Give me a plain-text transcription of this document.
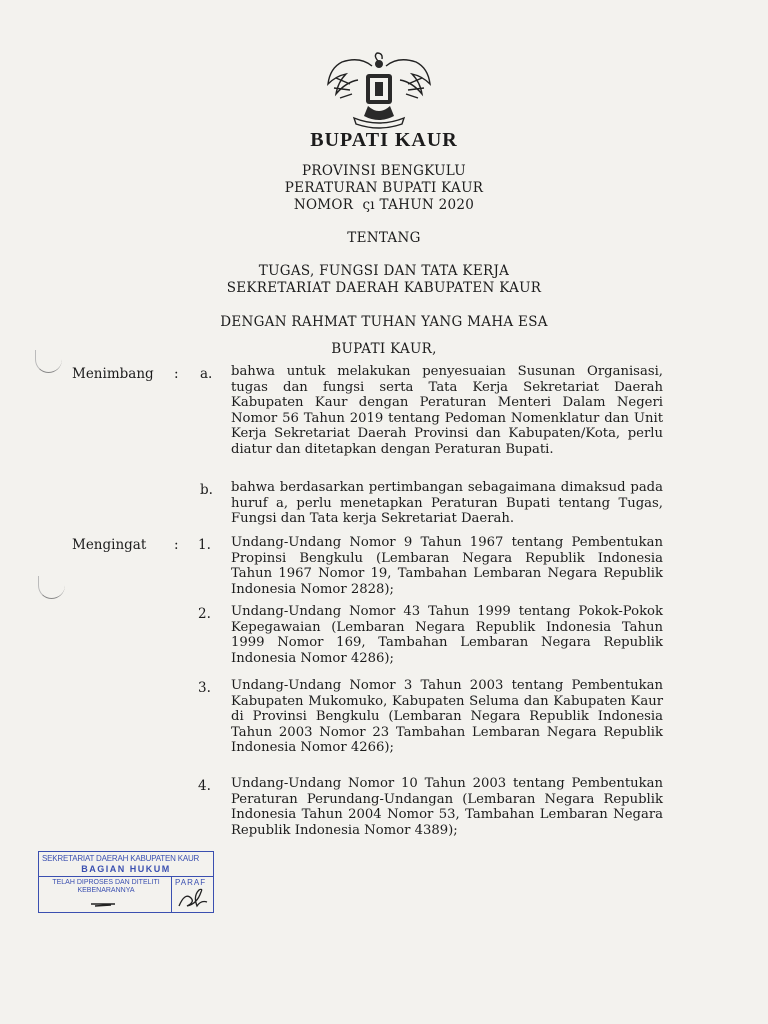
BUPATI KAUR
PROVINSI BENGKULU
PERATURAN BUPATI KAUR
NOMOR  ςı TAHUN 2020
TENTANG
TUGAS, FUNGSI DAN TATA KERJA
SEKRETARIAT DAERAH KABUPATEN KAUR
DENGAN RAHMAT TUHAN YANG MAHA ESA
BUPATI KAUR,
Menimbang : a. bahwa untuk melakukan penyesuaian Susunan Organisasi, tugas dan fungsi serta Tata Kerja Sekretariat Daerah Kabupaten Kaur dengan Peraturan Menteri Dalam Negeri Nomor 56 Tahun 2019 tentang Pedoman Nomenklatur dan Unit Kerja Sekretariat Daerah Provinsi dan Kabupaten/Kota, perlu diatur dan ditetapkan dengan Peraturan Bupati.
b. bahwa berdasarkan pertimbangan sebagaimana dimaksud pada huruf a, perlu menetapkan Peraturan Bupati tentang Tugas, Fungsi dan Tata kerja Sekretariat Daerah.
Mengingat : 1. Undang-Undang Nomor 9 Tahun 1967 tentang Pembentukan Propinsi Bengkulu (Lembaran Negara Republik Indonesia Tahun 1967 Nomor 19, Tambahan Lembaran Negara Republik Indonesia Nomor 2828);
2. Undang-Undang Nomor 43 Tahun 1999 tentang Pokok-Pokok Kepegawaian (Lembaran Negara Republik Indonesia Tahun 1999 Nomor 169, Tambahan Lembaran Negara Republik Indonesia Nomor 4286);
3. Undang-Undang Nomor 3 Tahun 2003 tentang Pembentukan Kabupaten Mukomuko, Kabupaten Seluma dan Kabupaten Kaur di Provinsi Bengkulu (Lembaran Negara Republik Indonesia Tahun 2003 Nomor 23 Tambahan Lembaran Negara Republik Indonesia Nomor 4266);
4. Undang-Undang Nomor 10 Tahun 2003 tentang Pembentukan Peraturan Perundang-Undangan (Lembaran Negara Republik Indonesia Tahun 2004 Nomor 53, Tambahan Lembaran Negara Republik Indonesia Nomor 4389);
SEKRETARIAT DAERAH KABUPATEN KAUR
BAGIAN HUKUM
TELAH DIPROSES DAN DITELITI KEBENARANNYA
PARAF
